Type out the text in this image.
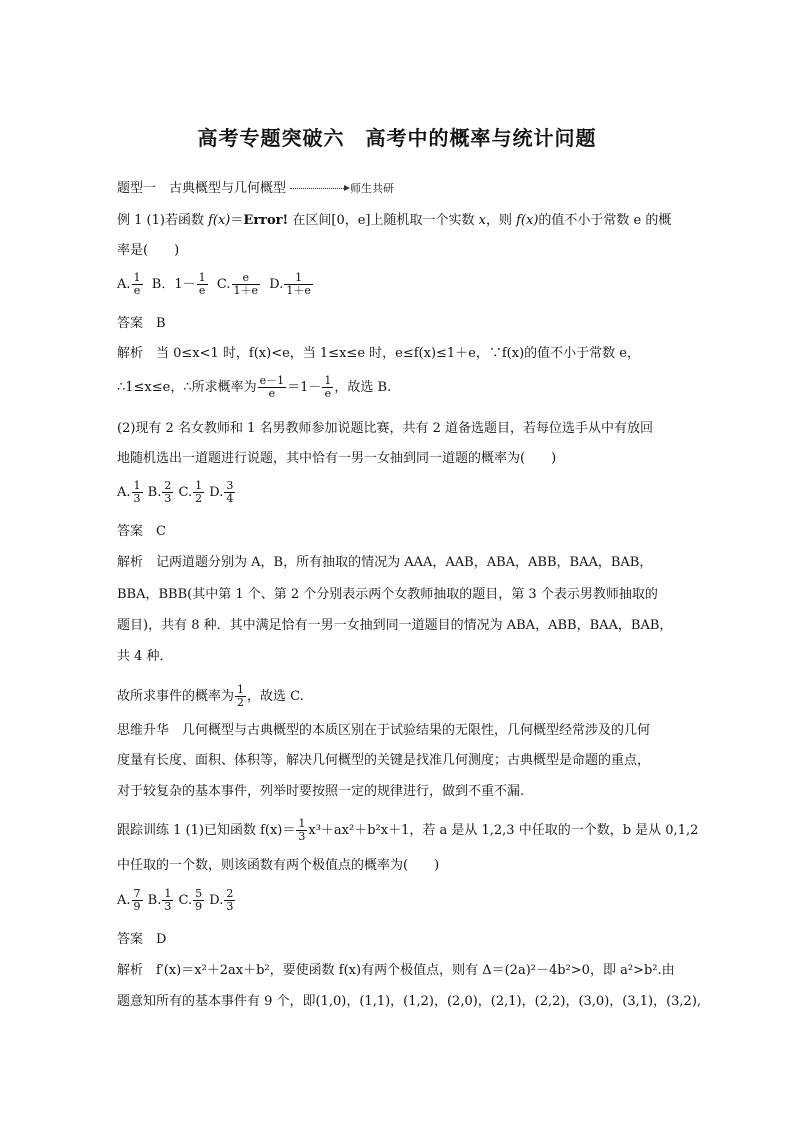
高考专题突破六　高考中的概率与统计问题
题型一　古典概型与几何概型	师生共研
例 1 (1)若函数 f(x)＝Error! 在区间[0，e]上随机取一个实数 x，则 f(x)的值不小于常数 e 的概
率是(　　)
A. $\frac{1}{e}$ B．$1- \frac{1}{e} C$. $\frac{e}{1+e} D$. $\frac{1}{1+e}$
答案　B
解析　当 0≤x<1 时，f(x)<e，当 1≤x≤e 时，e≤f(x)≤1＋e，∵f(x)的值不小于常数 e，
∴1≤x≤e，∴所求概率为 $\frac{e-1}{e} =1- \frac{1}{e}$ ，故选 B.
(2)现有 2 名女教师和 1 名男教师参加说题比赛，共有 2 道备选题目，若每位选手从中有放回
地随机选出一道题进行说题，其中恰有一男一女抽到同一道题的概率为(　　)
A. $\frac{1}{3} B$. $\frac{2}{3} C$. $\frac{1}{2} D$. $\frac{3}{4}$
答案　C
解析　记两道题分别为 A，B，所有抽取的情况为 AAA，AAB，ABA，ABB，BAA，BAB，
BBA，BBB(其中第 1 个、第 2 个分别表示两个女教师抽取的题目，第 3 个表示男教师抽取的
题目)，共有 8 种．其中满足恰有一男一女抽到同一道题目的情况为 ABA，ABB，BAA，BAB，
共 4 种．
故所求事件的概率为 $\frac{1}{2}$ ，故选 C.
思维升华　几何概型与古典概型的本质区别在于试验结果的无限性，几何概型经常涉及的几何
度量有长度、面积、体积等，解决几何概型的关键是找准几何测度；古典概型是命题的重点，
对于较复杂的基本事件，列举时要按照一定的规律进行，做到不重不漏.
跟踪训练 1 (1)已知函数 $f(x)= \frac{1}{3} x^3+ax^2+b^2x+1$，若 a 是从 1,2,3 中任取的一个数，b 是从 0,1,2
中任取的一个数，则该函数有两个极值点的概率为(　　)
A. $\frac{7}{9} B$. $\frac{1}{3} C$. $\frac{5}{9} D$. $\frac{2}{3}$
答案　D
解析　f′(x)＝x²＋2ax＋b²，要使函数 f(x)有两个极值点，则有 Δ＝(2a)²－4b²>0，即 a²>b².由
题意知所有的基本事件有 9 个，即(1,0)，(1,1)，(1,2)，(2,0)，(2,1)，(2,2)，(3,0)，(3,1)，(3,2),
